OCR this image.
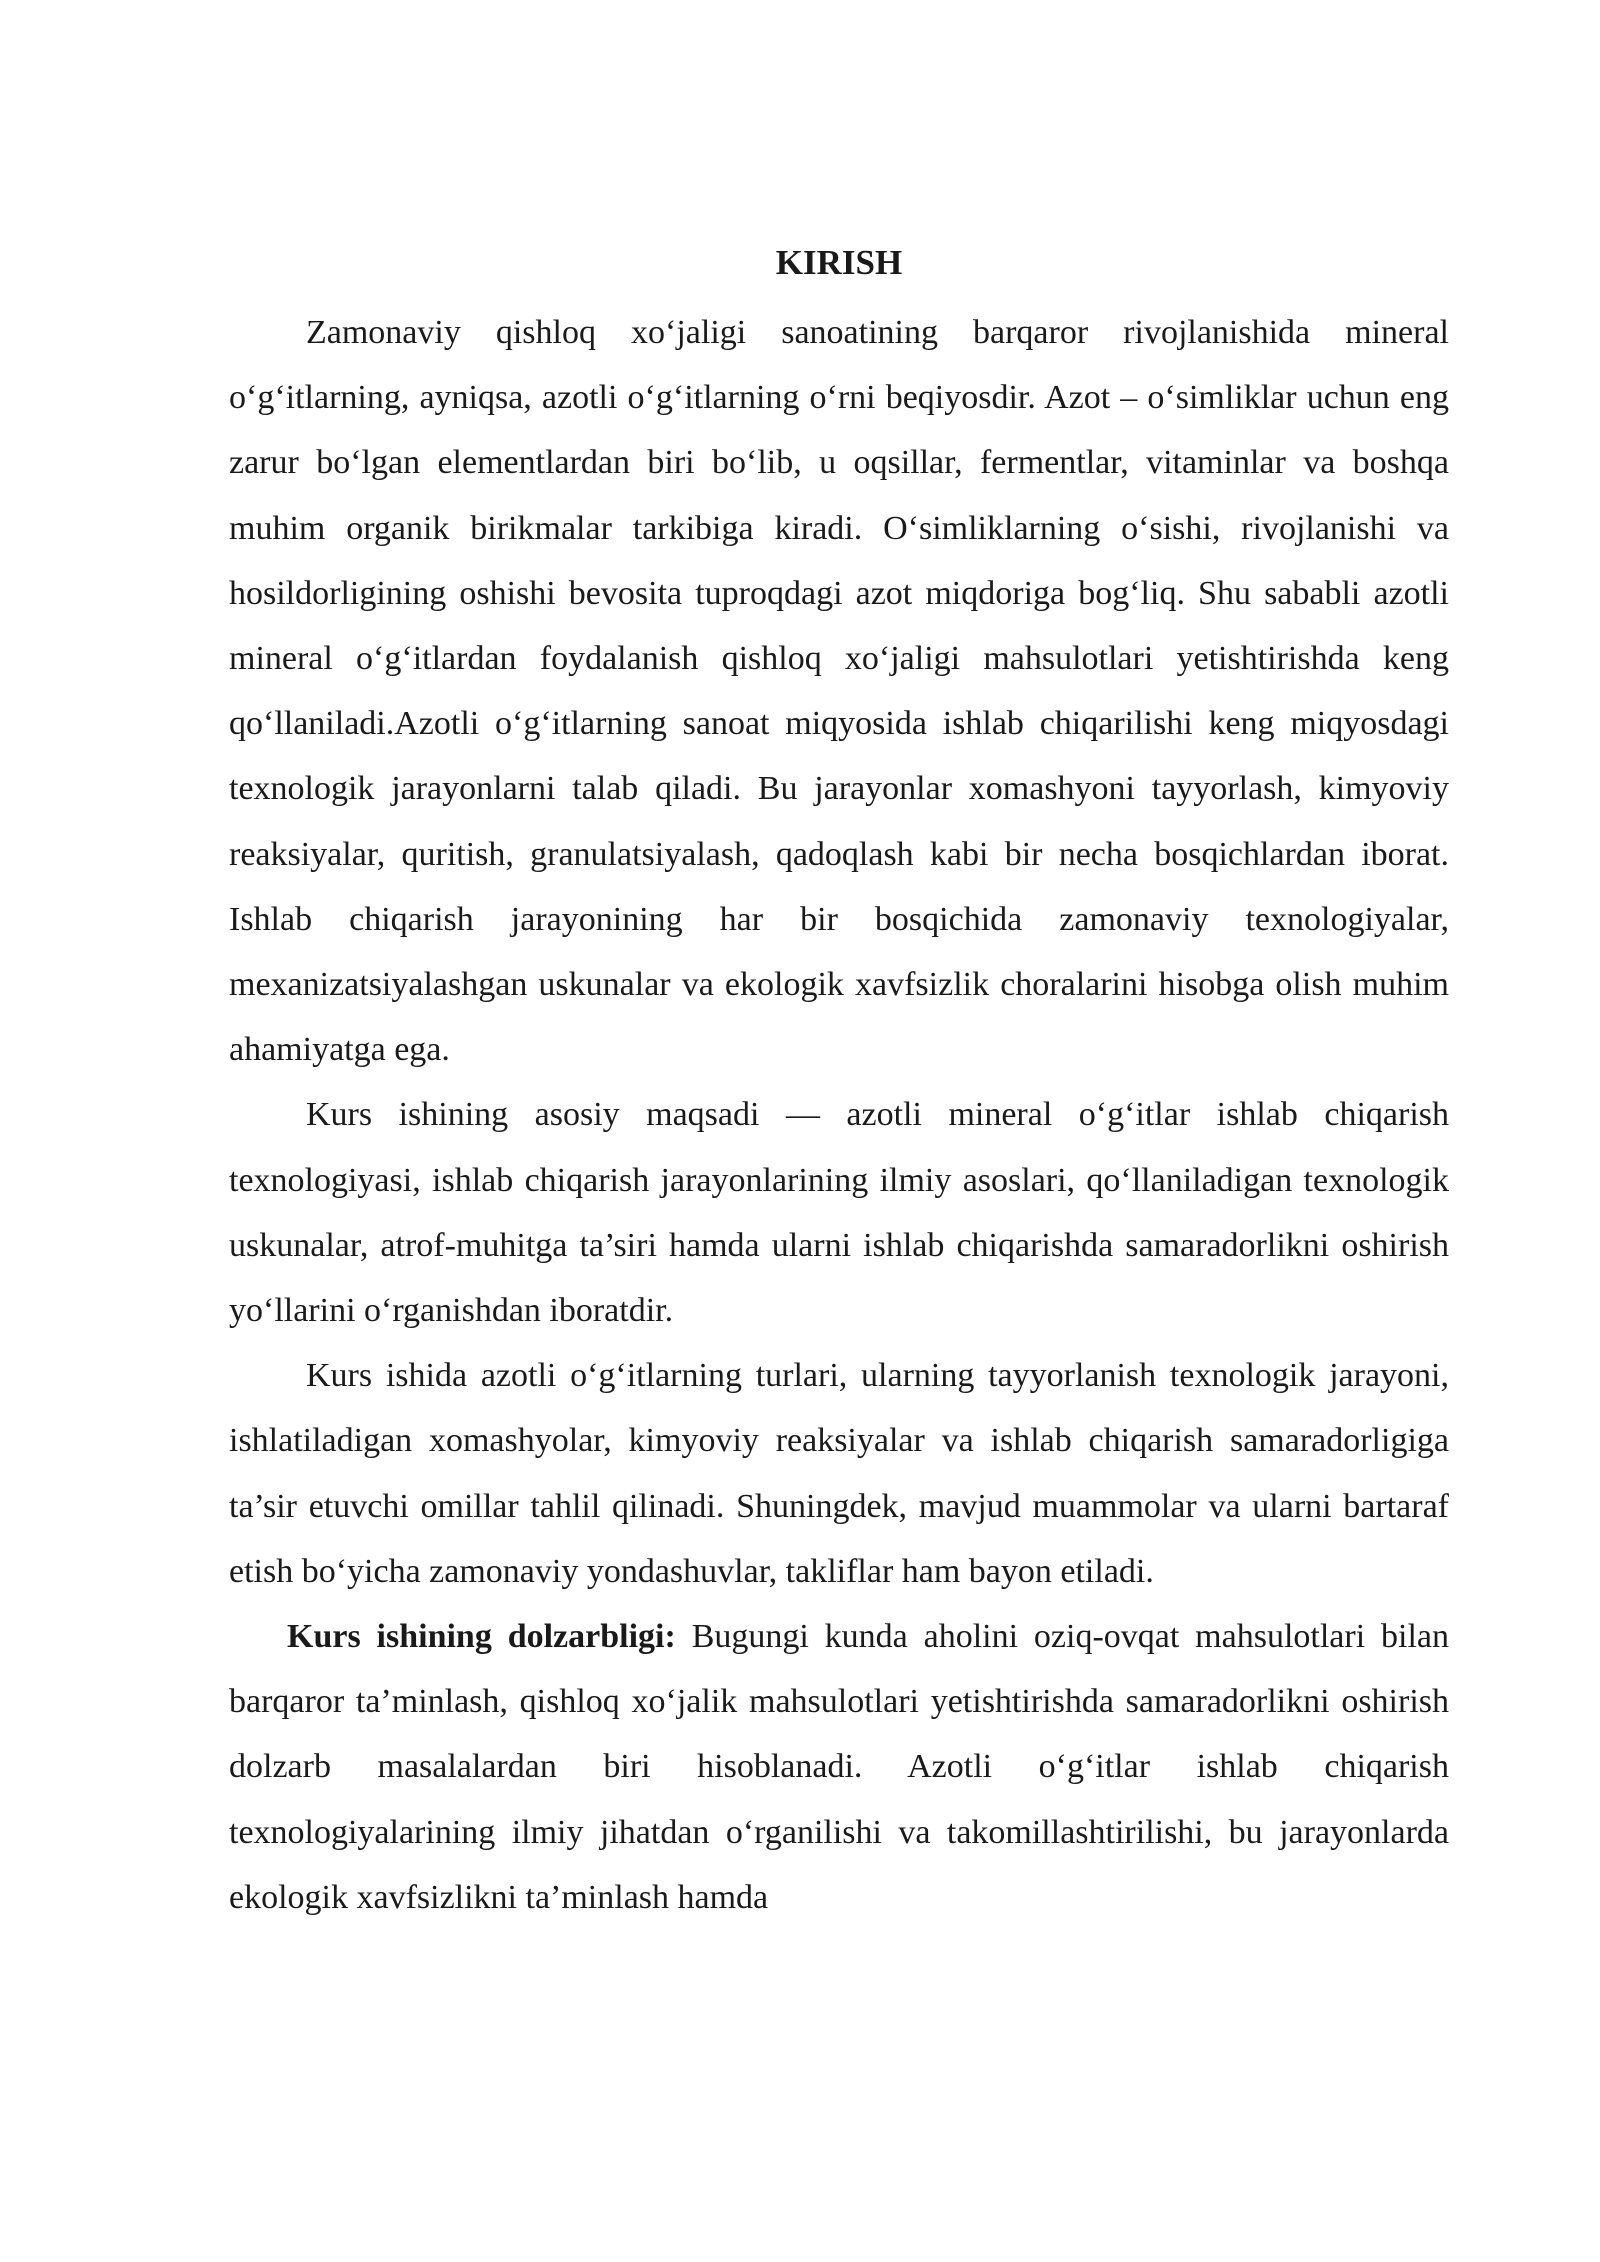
KIRISH

Zamonaviy qishloq xo‘jaligi sanoatining barqaror rivojlanishida mineral o‘g‘itlarning, ayniqsa, azotli o‘g‘itlarning o‘rni beqiyosdir. Azot – o‘simliklar uchun eng zarur bo‘lgan elementlardan biri bo‘lib, u oqsillar, fermentlar, vitaminlar va boshqa muhim organik birikmalar tarkibiga kiradi. O‘simliklarning o‘sishi, rivojlanishi va hosildorligining oshishi bevosita tuproqdagi azot miqdoriga bog‘liq. Shu sababli azotli mineral o‘g‘itlardan foydalanish qishloq xo‘jaligi mahsulotlari yetishtirishda keng qo‘llaniladi.Azotli o‘g‘itlarning sanoat miqyosida ishlab chiqarilishi keng miqyosdagi texnologik jarayonlarni talab qiladi. Bu jarayonlar xomashyoni tayyorlash, kimyoviy reaksiyalar, quritish, granulatsiyalash, qadoqlash kabi bir necha bosqichlardan iborat. Ishlab chiqarish jarayonining har bir bosqichida zamonaviy texnologiyalar, mexanizatsiyalashgan uskunalar va ekologik xavfsizlik choralarini hisobga olish muhim ahamiyatga ega.

Kurs ishining asosiy maqsadi — azotli mineral o‘g‘itlar ishlab chiqarish texnologiyasi, ishlab chiqarish jarayonlarining ilmiy asoslari, qo‘llaniladigan texnologik uskunalar, atrof-muhitga ta’siri hamda ularni ishlab chiqarishda samaradorlikni oshirish yo‘llarini o‘rganishdan iboratdir.

Kurs ishida azotli o‘g‘itlarning turlari, ularning tayyorlanish texnologik jarayoni, ishlatiladigan xomashyolar, kimyoviy reaksiyalar va ishlab chiqarish samaradorligiga ta’sir etuvchi omillar tahlil qilinadi. Shuningdek, mavjud muammolar va ularni bartaraf etish bo‘yicha zamonaviy yondashuvlar, takliflar ham bayon etiladi.

Kurs ishining dolzarbligi: Bugungi kunda aholini oziq-ovqat mahsulotlari bilan barqaror ta’minlash, qishloq xo‘jalik mahsulotlari yetishtirishda samaradorlikni oshirish dolzarb masalalardan biri hisoblanadi. Azotli o‘g‘itlar ishlab chiqarish texnologiyalarining ilmiy jihatdan o‘rganilishi va takomillashtirilishi, bu jarayonlarda ekologik xavfsizlikni ta’minlash hamda
